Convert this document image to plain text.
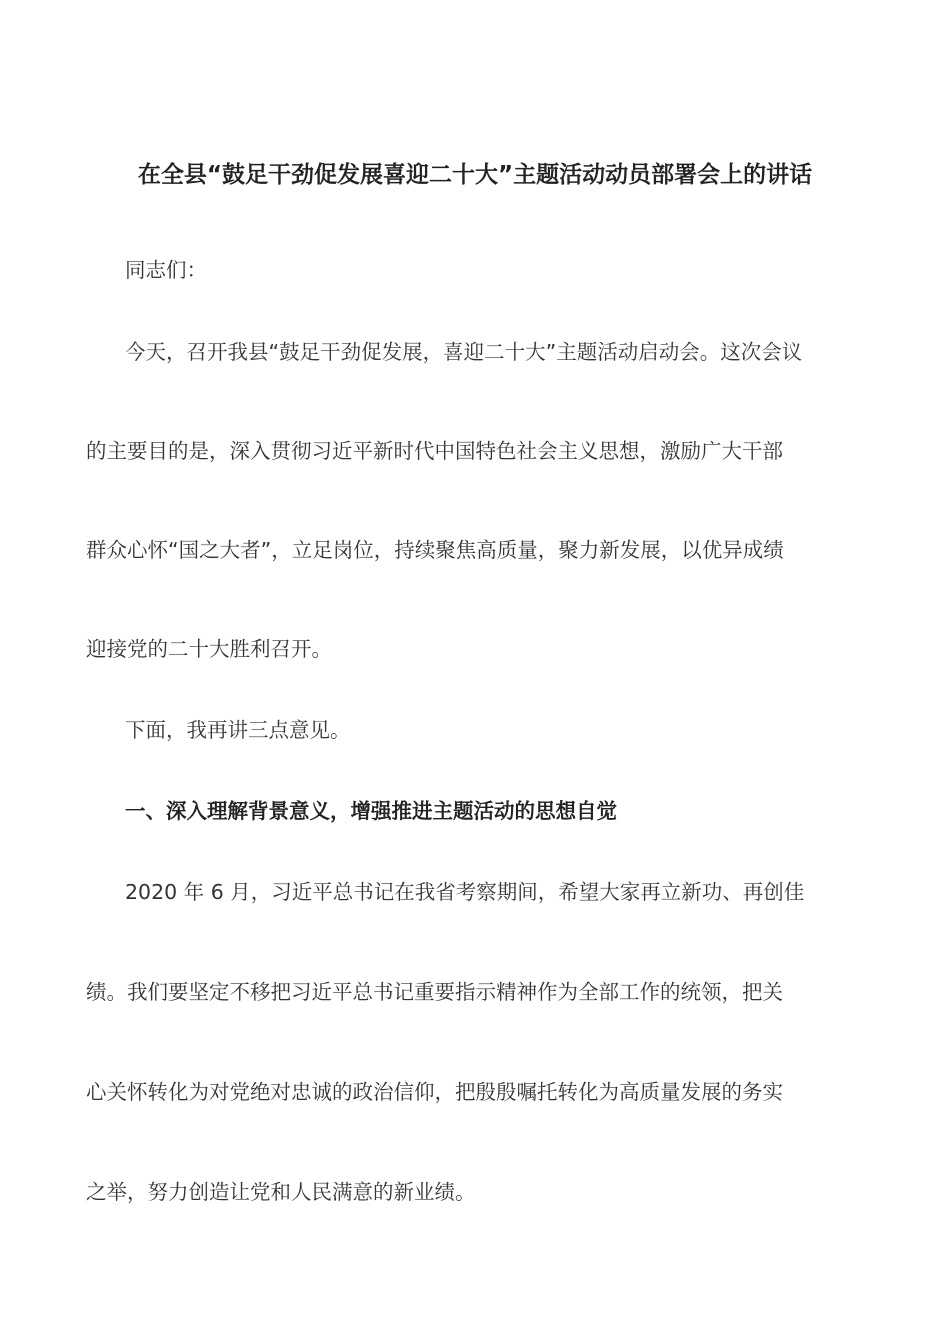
在全县“鼓足干劲促发展喜迎二十大”主题活动动员部署会上的讲话
同志们：
今天，召开我县“鼓足干劲促发展，喜迎二十大”主题活动启动会。这次会议
的主要目的是，深入贯彻习近平新时代中国特色社会主义思想，激励广大干部
群众心怀“国之大者”，立足岗位，持续聚焦高质量，聚力新发展，以优异成绩
迎接党的二十大胜利召开。
下面，我再讲三点意见。
一、深入理解背景意义，增强推进主题活动的思想自觉
2020 年 6 月，习近平总书记在我省考察期间，希望大家再立新功、再创佳
绩。我们要坚定不移把习近平总书记重要指示精神作为全部工作的统领，把关
心关怀转化为对党绝对忠诚的政治信仰，把殷殷嘱托转化为高质量发展的务实
之举，努力创造让党和人民满意的新业绩。
